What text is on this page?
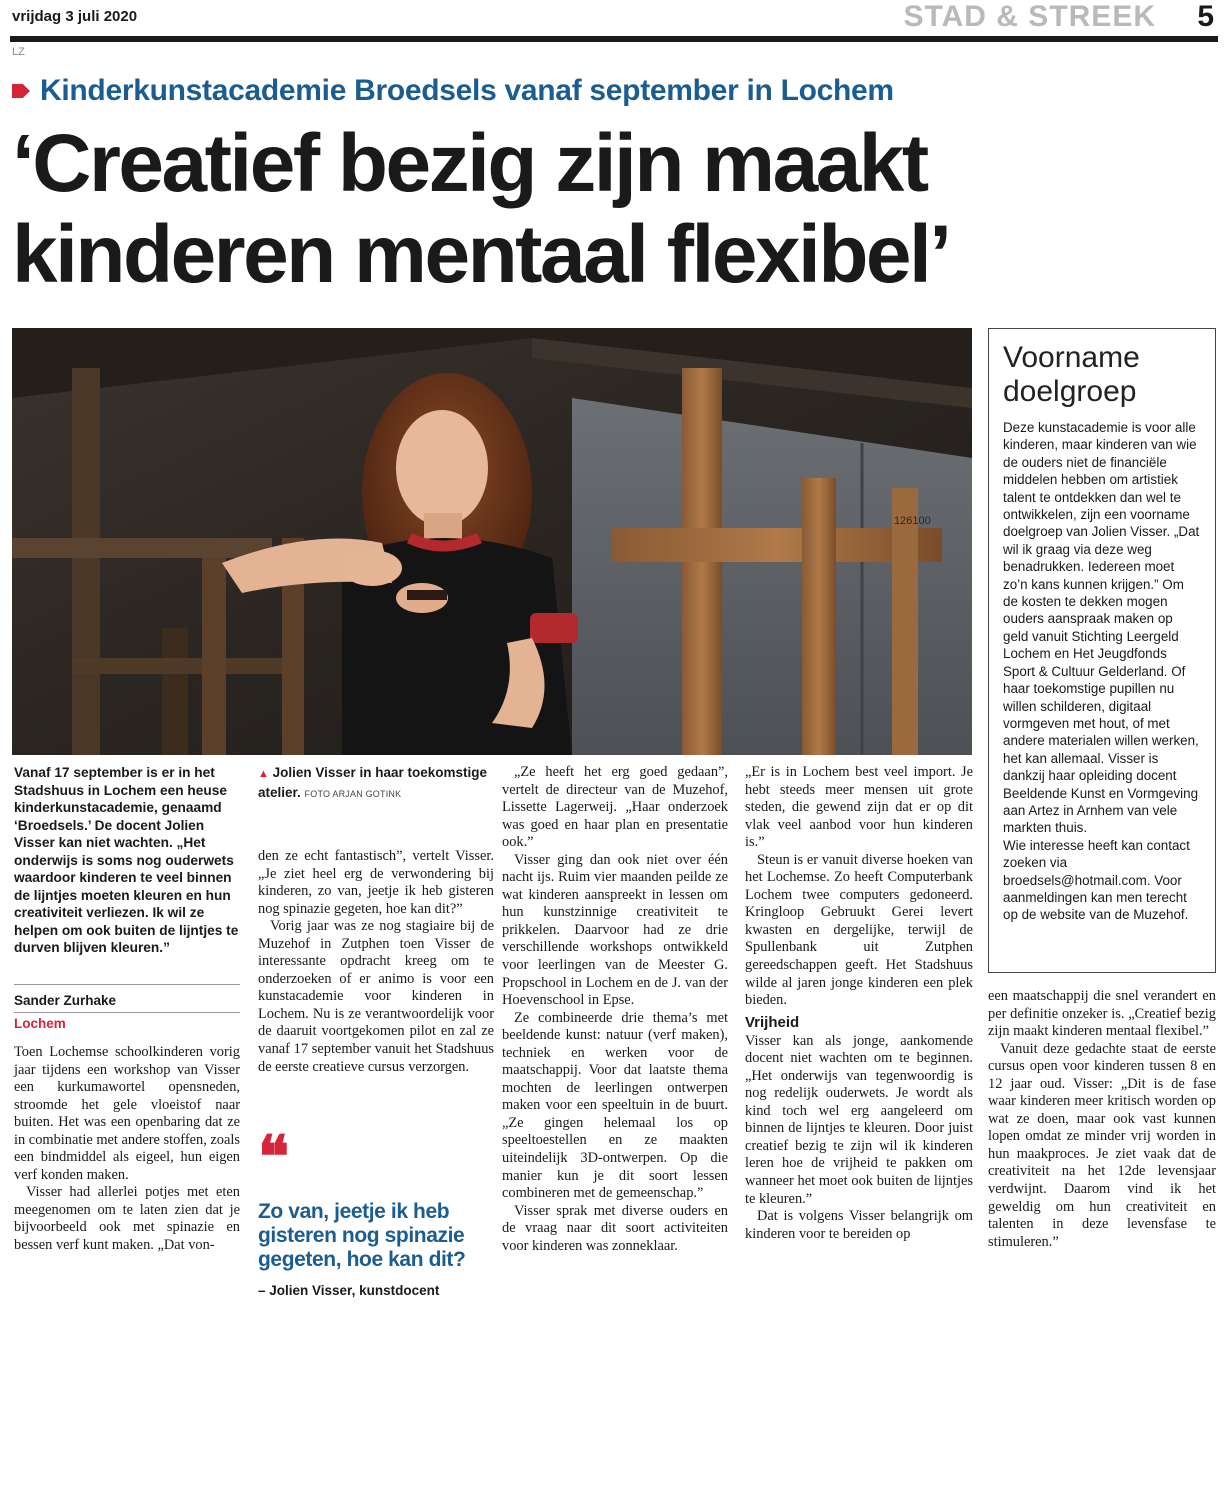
vrijdag 3 juli 2020	STAD & STREEK 5
LZ
Kinderkunstacademie Broedsels vanaf september in Lochem
‘Creatief bezig zijn maakt
kinderen mentaal flexibel’
126100
Voorname doelgroep

Deze kunstacademie is voor alle kinderen, maar kinderen van wie de ouders niet de financiële middelen hebben om artistiek talent te ontdekken dan wel te ontwikkelen, zijn een voorname doelgroep van Jolien Visser. „Dat wil ik graag via deze weg benadrukken. Iedereen moet zo’n kans kunnen krijgen.” Om de kosten te dekken mogen ouders aanspraak maken op geld vanuit Stichting Leergeld Lochem en Het Jeugdfonds Sport & Cultuur Gelderland. Of haar toekomstige pupillen nu willen schilderen, digitaal vormgeven met hout, of met andere materialen willen werken, het kan allemaal. Visser is dankzij haar opleiding docent Beeldende Kunst en Vormgeving aan Artez in Arnhem van vele markten thuis.

Wie interesse heeft kan contact zoeken via broedsels@hotmail.com. Voor aanmeldingen kan men terecht op de website van de Muzehof.

Vanaf 17 september is er in het Stadshuus in Lochem een heuse kinderkunstacademie, genaamd ‘Broedsels.’ De docent Jolien Visser kan niet wachten. „Het onderwijs is soms nog ouderwets waardoor kinderen te veel binnen de lijntjes moeten kleuren en hun creativiteit verliezen. Ik wil ze helpen om ook buiten de lijntjes te durven blijven kleuren.”
Sander Zurhake
Lochem
▲ Jolien Visser in haar toekomstige atelier. FOTO ARJAN GOTINK

Toen Lochemse schoolkinderen vorig jaar tijdens een workshop van Visser een kurkumawortel opensneden, stroomde het gele vloeistof naar buiten. Het was een openbaring dat ze in combinatie met andere stoffen, zoals een bindmiddel als eigeel, hun eigen verf konden maken.

Visser had allerlei potjes met eten meegenomen om te laten zien dat je bijvoorbeeld ook met spinazie en bessen verf kunt maken. „Dat von-

den ze echt fantastisch”, vertelt Visser. „Je ziet heel erg de verwondering bij kinderen, zo van, jeetje ik heb gisteren nog spinazie gegeten, hoe kan dit?”

Vorig jaar was ze nog stagiaire bij de Muzehof in Zutphen toen Visser de interessante opdracht kreeg om te onderzoeken of er animo is voor een kunstacademie voor kinderen in Lochem. Nu is ze verantwoordelijk voor de daaruit voortgekomen pilot en zal ze vanaf 17 september vanuit het Stadshuus de eerste creatieve cursus verzorgen.

❝
Zo van, jeetje ik heb gisteren nog spinazie gegeten, hoe kan dit?
– Jolien Visser, kunstdocent

„Ze heeft het erg goed gedaan”, vertelt de directeur van de Muzehof, Lissette Lagerweij. „Haar onderzoek was goed en haar plan en presentatie ook.”

Visser ging dan ook niet over één nacht ijs. Ruim vier maanden peilde ze wat kinderen aanspreekt in lessen om hun kunstzinnige creativiteit te prikkelen. Daarvoor had ze drie verschillende workshops ontwikkeld voor leerlingen van de Meester G. Propschool in Lochem en de J. van der Hoevenschool in Epse.

Ze combineerde drie thema’s met beeldende kunst: natuur (verf maken), techniek en werken voor de maatschappij. Voor dat laatste thema mochten de leerlingen ontwerpen maken voor een speeltuin in de buurt. „Ze gingen helemaal los op speeltoestellen en ze maakten uiteindelijk 3D-ontwerpen. Op die manier kun je dit soort lessen combineren met de gemeenschap.”

Visser sprak met diverse ouders en de vraag naar dit soort activiteiten voor kinderen was zonneklaar.

„Er is in Lochem best veel import. Je hebt steeds meer mensen uit grote steden, die gewend zijn dat er op dit vlak veel aanbod voor hun kinderen is.”

Steun is er vanuit diverse hoeken van het Lochemse. Zo heeft Computerbank Lochem twee computers gedoneerd. Kringloop Gebruukt Gerei levert kwasten en dergelijke, terwijl de Spullenbank uit Zutphen gereedschappen geeft. Het Stadshuus wilde al jaren jonge kinderen een plek bieden.

Vrijheid

Visser kan als jonge, aankomende docent niet wachten om te beginnen. „Het onderwijs van tegenwoordig is nog redelijk ouderwets. Je wordt als kind toch wel erg aangeleerd om binnen de lijntjes te kleuren. Door juist creatief bezig te zijn wil ik kinderen leren hoe de vrijheid te pakken om wanneer het moet ook buiten de lijntjes te kleuren.”

Dat is volgens Visser belangrijk om kinderen voor te bereiden op

een maatschappij die snel verandert en per definitie onzeker is. „Creatief bezig zijn maakt kinderen mentaal flexibel.”

Vanuit deze gedachte staat de eerste cursus open voor kinderen tussen 8 en 12 jaar oud. Visser: „Dit is de fase waar kinderen meer kritisch worden op wat ze doen, maar ook vast kunnen lopen omdat ze minder vrij worden in hun maakproces. Je ziet vaak dat de creativiteit na het 12de levensjaar verdwijnt. Daarom vind ik het geweldig om hun creativiteit en talenten in deze levensfase te stimuleren.”
